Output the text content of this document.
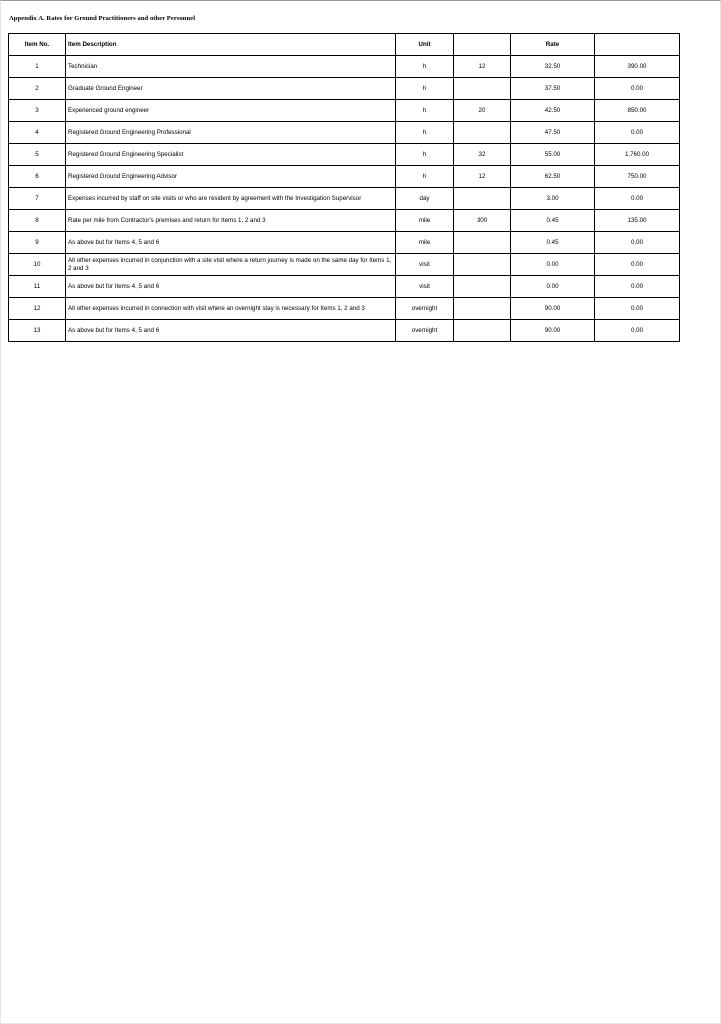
Appendix A. Rates for Ground Practitioners and other Personnel
Item No.	Item Description	Unit		Rate	
1	Technician	h	12	32.50	390.00
2	Graduate Ground Engineer	h		37.50	0.00
3	Experienced ground engineer	h	20	42.50	850.00
4	Registered Ground Engineering Professional	h		47.50	0.00
5	Registered Ground Engineering Specialist	h	32	55.00	1,760.00
6	Registered Ground Engineering Advisor	h	12	62.50	750.00
7	Expenses incurred by staff on site visits or who are resident by agreement with the Investigation Supervisor	day		3.00	0.00
8	Rate per mile from Contractor's premises and return for Items 1, 2 and 3	mile	300	0.45	135.00
9	As above but for Items 4, 5 and 6	mile		0.45	0.00
10	All other expenses incurred in conjunction with a site visit where a return journey is made on the same day for Items 1, 2 and 3	visit		0.00	0.00
11	As above but for Items 4, 5 and 6	visit		0.00	0.00
12	All other expenses incurred in connection with visit where an overnight stay is necessary for Items 1, 2 and 3	overnight		90.00	0.00
13	As above but for Items 4, 5 and 6	overnight		90.00	0.00
